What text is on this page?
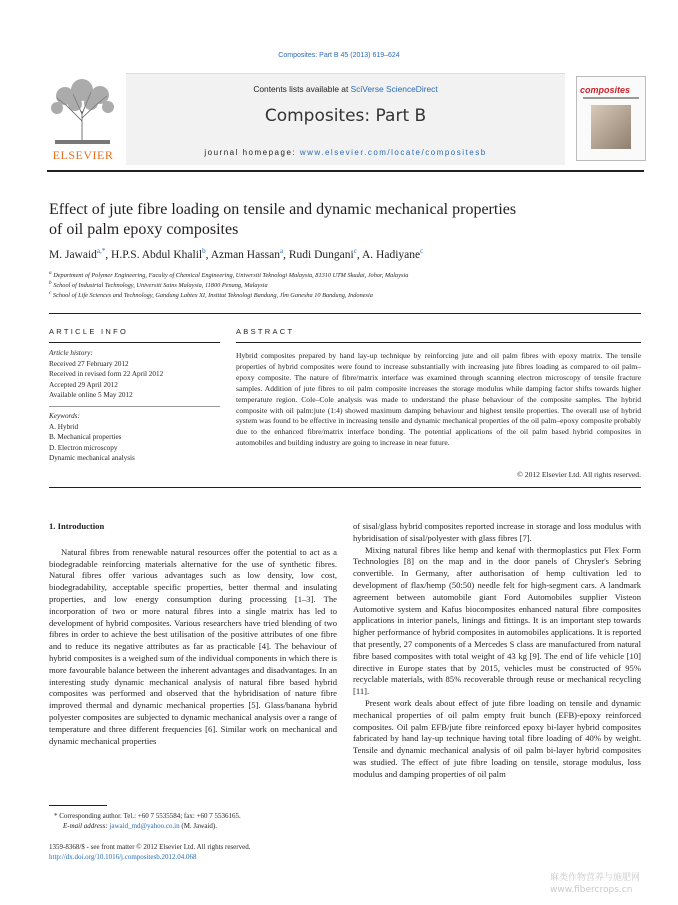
Composites: Part B 45 (2013) 619–624
ELSEVIER
Contents lists available at SciVerse ScienceDirect
Composites: Part B
journal homepage: www.elsevier.com/locate/compositesb
composites
Effect of jute fibre loading on tensile and dynamic mechanical properties
of oil palm epoxy composites
M. Jawaid$^{a,*}$, H.P.S. Abdul Khalil$^b$, Azman Hassan$^a$, Rudi Dungani$^c$, A. Hadiyane$^c$
$^a$ Department of Polymer Engineering, Faculty of Chemical Engineering, Universiti Teknologi Malaysia, 81310 UTM Skudai, Johor, Malaysia
$^b$ School of Industrial Technology, Universiti Sains Malaysia, 11800 Penang, Malaysia
$^c$ School of Life Sciences and Technology, Gandung Labtex XI, Institut Teknologi Bandung, Jlm Ganesha 10 Bandung, Indonesia
ARTICLE INFO
Article history:
Received 27 February 2012
Received in revised form 22 April 2012
Accepted 29 April 2012
Available online 5 May 2012
Keywords:
A. Hybrid
B. Mechanical properties
D. Electron microscopy
Dynamic mechanical analysis
ABSTRACT
Hybrid composites prepared by hand lay-up technique by reinforcing jute and oil palm fibres with epoxy matrix. The tensile properties of hybrid composites were found to increase substantially with increasing jute fibres loading as compared to oil palm–epoxy composite. The nature of fibre/matrix interface was examined through scanning electron microscopy of tensile fracture samples. Addition of jute fibres to oil palm composite increases the storage modulus while damping factor shifts towards higher temperature region. Cole–Cole analysis was made to understand the phase behaviour of the composite samples. The hybrid composite with oil palm:jute (1:4) showed maximum damping behaviour and highest tensile properties. The overall use of hybrid system was found to be effective in increasing tensile and dynamic mechanical properties of the oil palm–epoxy composite probably due to the enhanced fibre/matrix interface bonding. The potential applications of the oil palm based hybrid composites in automobiles and building industry are going to increase in near future.
© 2012 Elsevier Ltd. All rights reserved.
1. Introduction

Natural fibres from renewable natural resources offer the potential to act as a biodegradable reinforcing materials alternative for the use of synthetic fibres. Natural fibres offer various advantages such as low density, low cost, biodegradability, acceptable specific properties, better thermal and insulating properties, and low energy consumption during processing [1–3]. The incorporation of two or more natural fibres into a single matrix has led to development of hybrid composites. Various researchers have tried blending of two fibres in order to achieve the best utilisation of the positive attributes of one fibre and to reduce its negative attributes as far as practicable [4]. The behaviour of hybrid composites is a weighed sum of the individual components in which there is more favourable balance between the inherent advantages and disadvantages. In an interesting study dynamic mechanical analysis of natural fibre based hybrid composites was performed and observed that the hybridisation of nature fibre improved thermal and dynamic mechanical properties [5]. Glass/banana hybrid polyester composites are subjected to dynamic mechanical analysis over a range of temperature and three different frequencies [6]. Similar work on mechanical and dynamic mechanical properties

of sisal/glass hybrid composites reported increase in storage and loss modulus with hybridisation of sisal/polyester with glass fibres [7].

Mixing natural fibres like hemp and kenaf with thermoplastics put Flex Form Technologies [8] on the map and in the door panels of Chrysler's Sebring convertible. In Germany, after authorisation of hemp cultivation led to development of flax/hemp (50:50) needle felt for high-segment cars. A landmark agreement between automobile giant Ford Automobiles supplier Visteon Automotive system and Kafus biocomposites enhanced natural fibre composites applications in interior panels, linings and fittings. It is an important step towards higher performance of hybrid composites in automobiles applications. It is reported that presently, 27 components of a Mercedes S class are manufactured from natural fibre based composites with total weight of 43 kg [9]. The end of life vehicle [10] directive in Europe states that by 2015, vehicles must be constructed of 95% recyclable materials, with 85% recoverable through reuse or mechanical recycling [11].

Present work deals about effect of jute fibre loading on tensile and dynamic mechanical properties of oil palm empty fruit bunch (EFB)-epoxy reinforced composites. Oil palm EFB/jute fibre reinforced epoxy bi-layer hybrid composites fabricated by hand lay-up technique having total fibre loading of 40% by weight. Tensile and dynamic mechanical analysis of oil palm bi-layer hybrid composites was studied. The effect of jute fibre loading on tensile, storage modulus, loss modulus and damping properties of oil palm

* Corresponding author. Tel.: +60 7 5535584; fax: +60 7 5536165.
E-mail address: jawaid_md@yahoo.co.in (M. Jawaid).
1359-8368/$ - see front matter © 2012 Elsevier Ltd. All rights reserved.
http://dx.doi.org/10.1016/j.compositesb.2012.04.068
麻类作物营养与施肥网
www.fibercrops.cn
